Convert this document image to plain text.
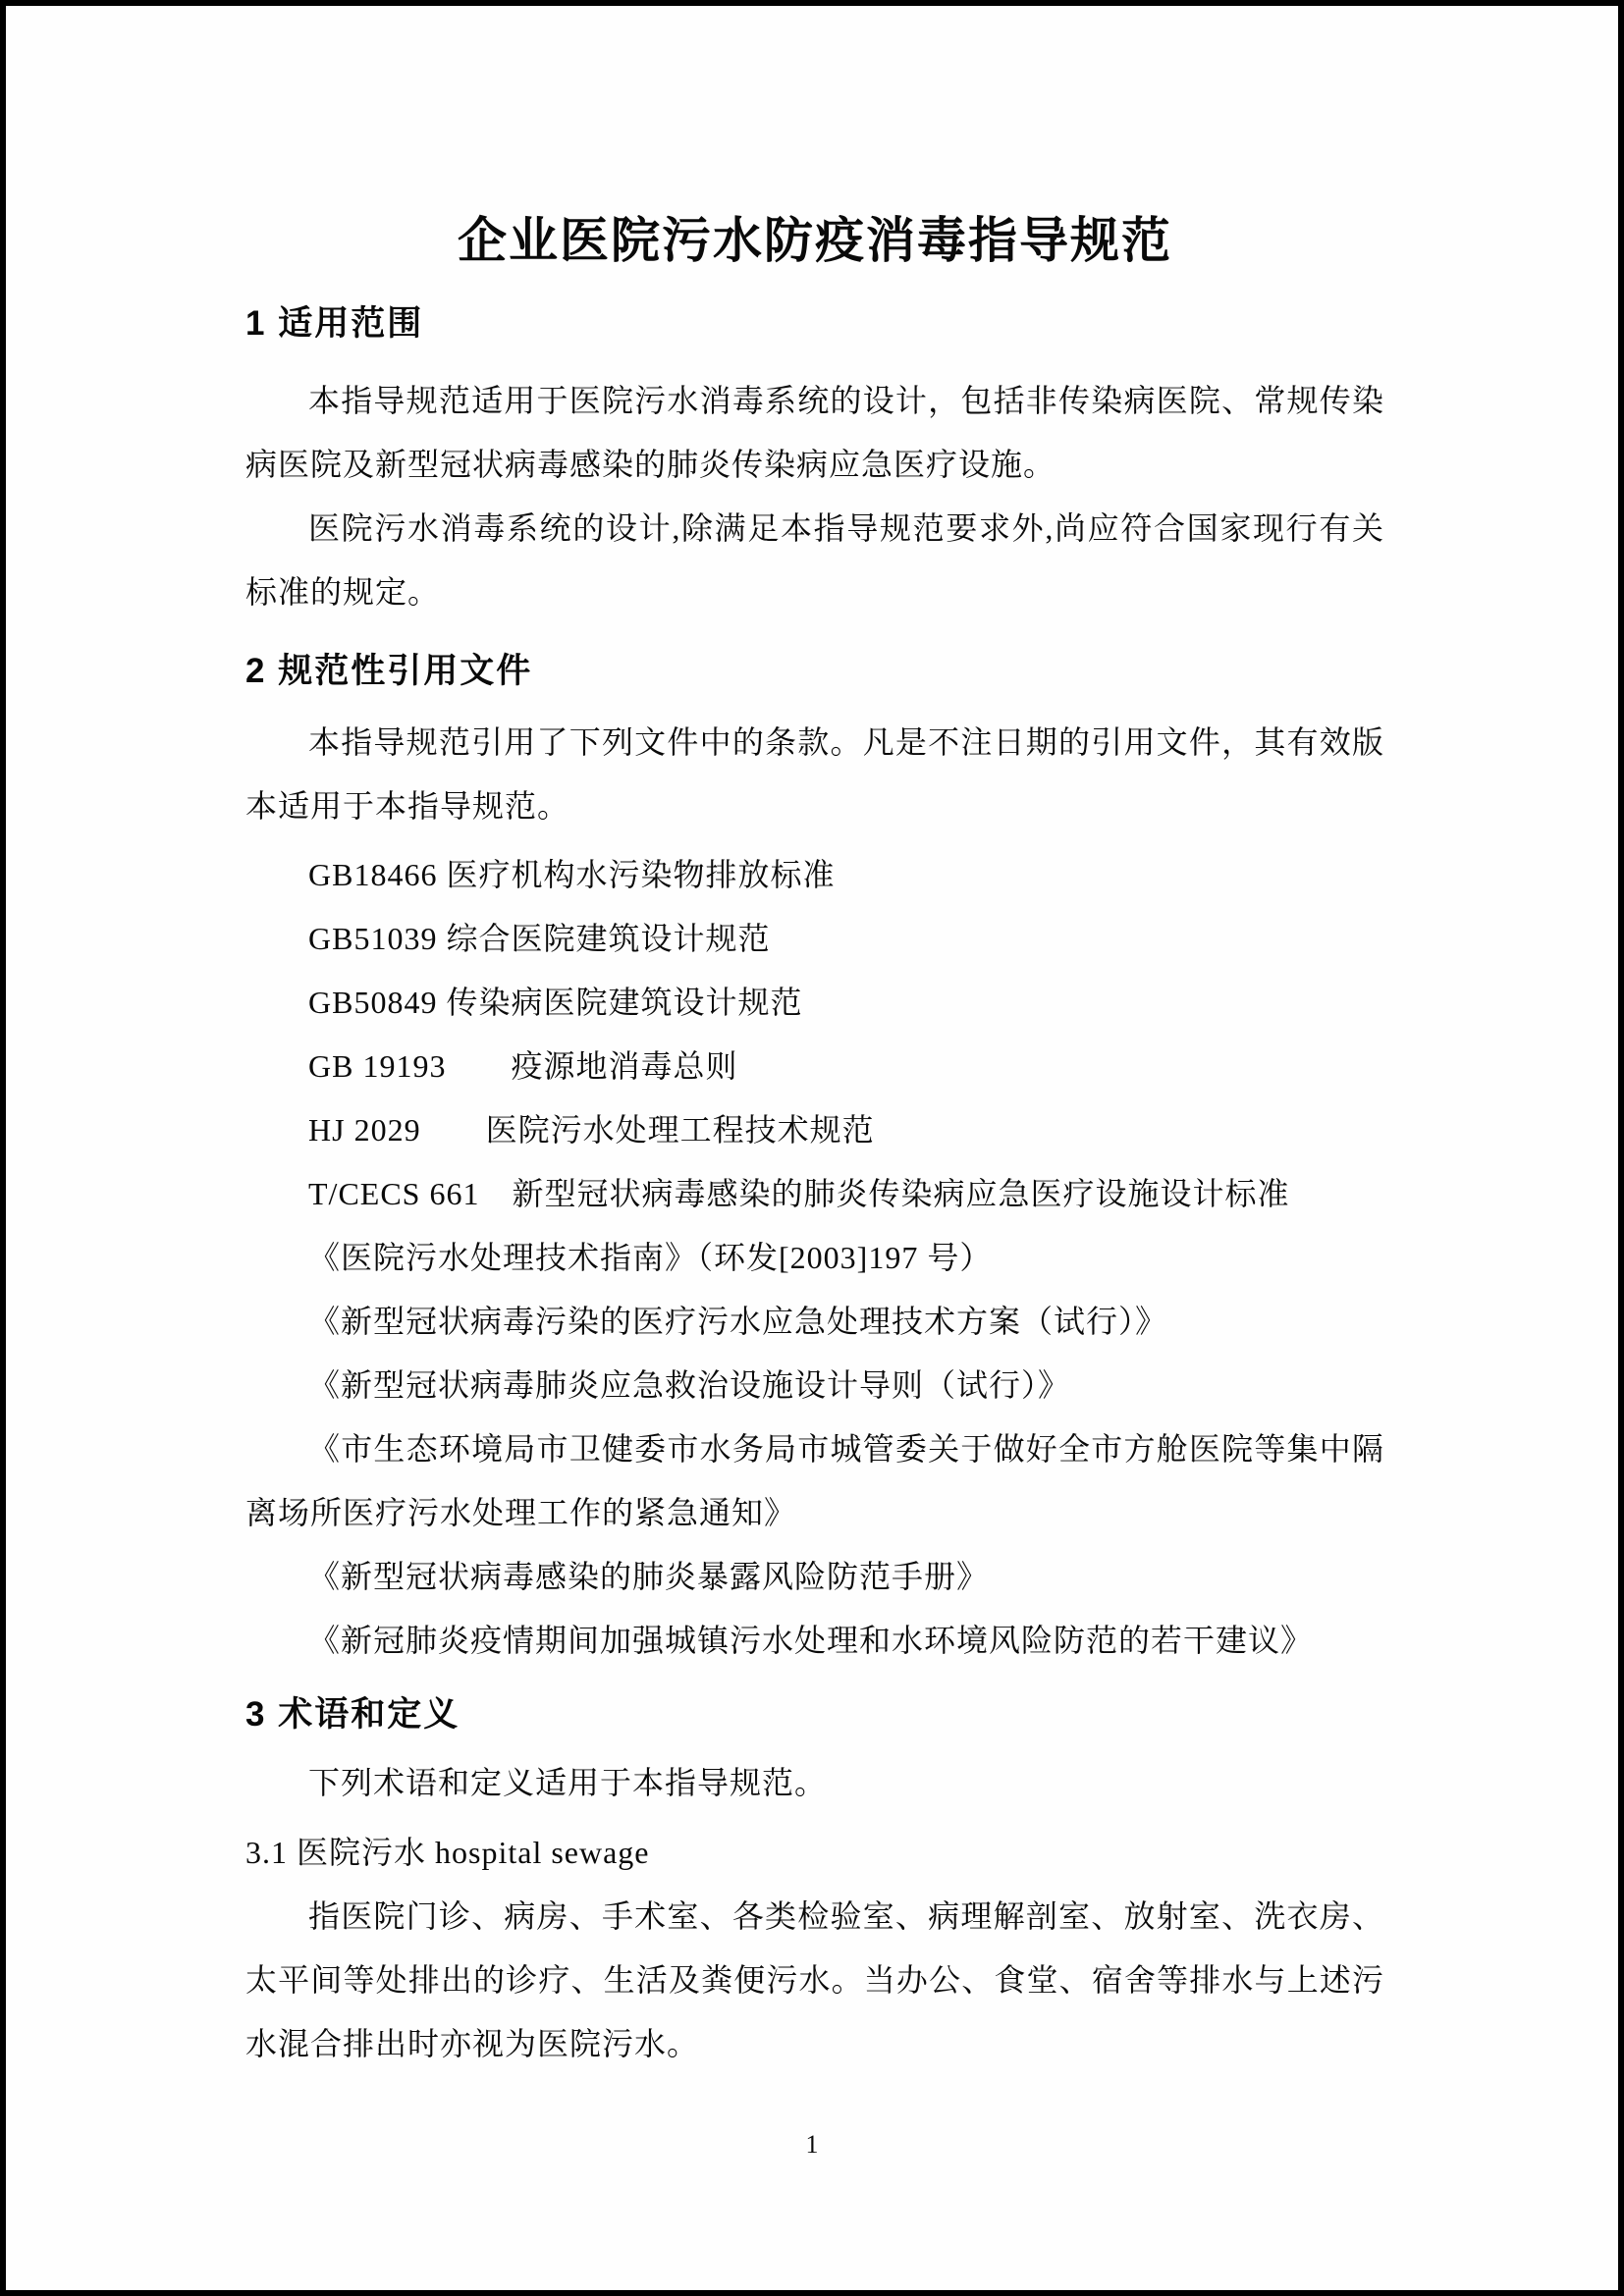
企业医院污水防疫消毒指导规范
1 适用范围

本指导规范适用于医院污水消毒系统的设计，包括非传染病医院、常规传染病医院及新型冠状病毒感染的肺炎传染病应急医疗设施。

医院污水消毒系统的设计,除满足本指导规范要求外,尚应符合国家现行有关标准的规定。

2 规范性引用文件

本指导规范引用了下列文件中的条款。凡是不注日期的引用文件，其有效版本适用于本指导规范。

GB18466 医疗机构水污染物排放标准

GB51039 综合医院建筑设计规范

GB50849 传染病医院建筑设计规范

GB 19193　　疫源地消毒总则

HJ 2029　　医院污水处理工程技术规范

T/CECS 661　新型冠状病毒感染的肺炎传染病应急医疗设施设计标准

《医院污水处理技术指南》（环发[2003]197 号）

《新型冠状病毒污染的医疗污水应急处理技术方案（试行）》

《新型冠状病毒肺炎应急救治设施设计导则（试行）》

《市生态环境局市卫健委市水务局市城管委关于做好全市方舱医院等集中隔离场所医疗污水处理工作的紧急通知》

《新型冠状病毒感染的肺炎暴露风险防范手册》

《新冠肺炎疫情期间加强城镇污水处理和水环境风险防范的若干建议》

3 术语和定义

下列术语和定义适用于本指导规范。

3.1 医院污水 hospital sewage

指医院门诊、病房、手术室、各类检验室、病理解剖室、放射室、洗衣房、太平间等处排出的诊疗、生活及粪便污水。当办公、食堂、宿舍等排水与上述污水混合排出时亦视为医院污水。

1
